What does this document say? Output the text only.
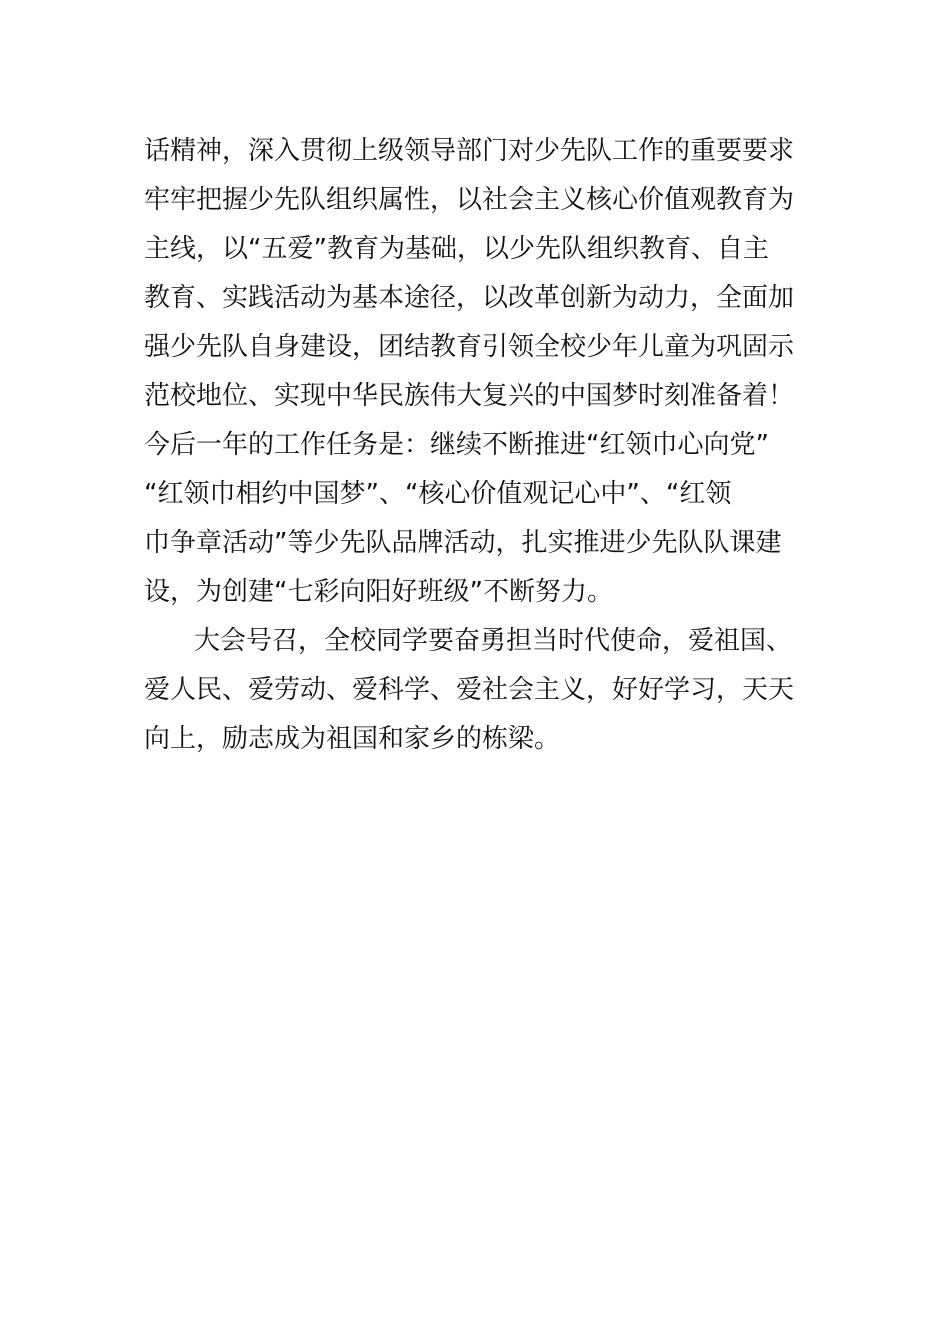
话精神，深入贯彻上级领导部门对少先队工作的重要要求
牢牢把握少先队组织属性，以社会主义核心价值观教育为
主线，以“五爱”教育为基础，以少先队组织教育、自主
教育、实践活动为基本途径，以改革创新为动力，全面加
强少先队自身建设，团结教育引领全校少年儿童为巩固示
范校地位、实现中华民族伟大复兴的中国梦时刻准备着！
今后一年的工作任务是：继续不断推进“红领巾心向党”
“红领巾相约中国梦”、“核心价值观记心中”、“红领
巾争章活动”等少先队品牌活动，扎实推进少先队队课建
设，为创建“七彩向阳好班级”不断努力。
大会号召，全校同学要奋勇担当时代使命，爱祖国、
爱人民、爱劳动、爱科学、爱社会主义，好好学习，天天
向上，励志成为祖国和家乡的栋梁。
